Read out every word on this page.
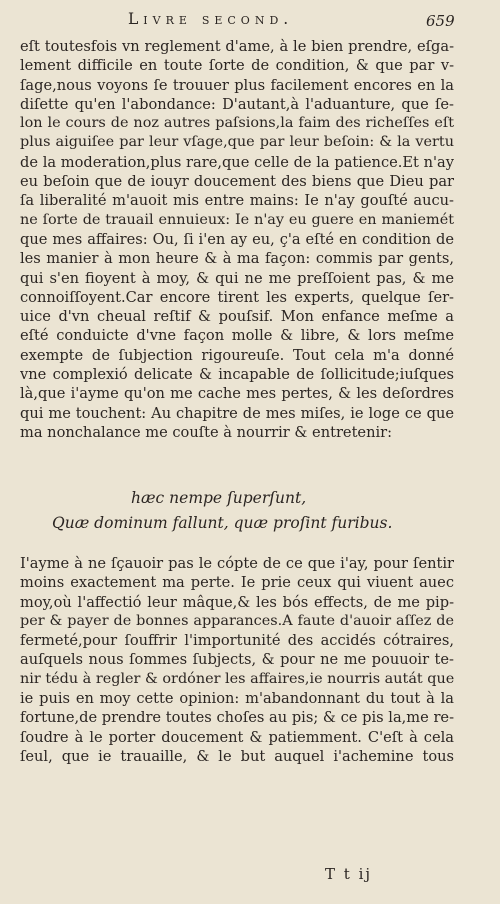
Livre second.	659
eſt toutesfois vn reglement d'ame, à le bien prendre, eſga-
lement difficile en toute ſorte de condition, & que par v-
ſage,nous voyons ſe trouuer plus facilement encores en la
diſette qu'en l'abondance: D'autant,à l'aduanture, que ſe-
lon le cours de noz autres paſsions,la faim des richeſſes eſt
plus aiguiſee par leur vſage,que par leur beſoin: & la vertu
de la moderation,plus rare,que celle de la patience.Et n'ay
eu beſoin que de iouyr doucement des biens que Dieu par
ſa liberalité m'auoit mis entre mains: Ie n'ay gouſté aucu-
ne ſorte de trauail ennuieux: Ie n'ay eu guere en maniemét
que mes affaires: Ou, ſi i'en ay eu, ç'a eſté en condition de
les manier à mon heure & à ma façon: commis par gents,
qui s'en fioyent à moy, & qui ne me preſſoient pas, & me
connoiſſoyent.Car encore tirent les experts, quelque ſer-
uice d'vn cheual reſtif & pouſsif. Mon enfance meſme a
eſté conduicte d'vne façon molle & libre, & lors meſme
exempte de ſubjection rigoureuſe. Tout cela m'a donné
vne complexió delicate & incapable de ſollicitude;iuſques
là,que i'ayme qu'on me cache mes pertes, & les deſordres
qui me touchent: Au chapitre de mes miſes, ie loge ce que
ma nonchalance me couſte à nourrir & entretenir:
hæc nempe ſuperſunt,
Quæ dominum fallunt, quæ proſint furibus.
I'ayme à ne ſçauoir pas le cópte de ce que i'ay, pour ſentir
moins exactement ma perte. Ie prie ceux qui viuent auec
moy,où l'affectió leur mâque,& les bós effects, de me pip-
per & payer de bonnes apparances.A faute d'auoir aſſez de
fermeté,pour ſouffrir l'importunité des accidés cótraires,
auſquels nous ſommes ſubjects, & pour ne me pouuoir te-
nir tédu à regler & ordóner les affaires,ie nourris autát que
ie puis en moy cette opinion: m'abandonnant du tout à la
fortune,de prendre toutes choſes au pis; & ce pis la,me re-
ſoudre à le porter doucement & patiemment. C'eſt à cela
ſeul, que ie trauaille, & le but auquel i'achemine tous
T t ij
